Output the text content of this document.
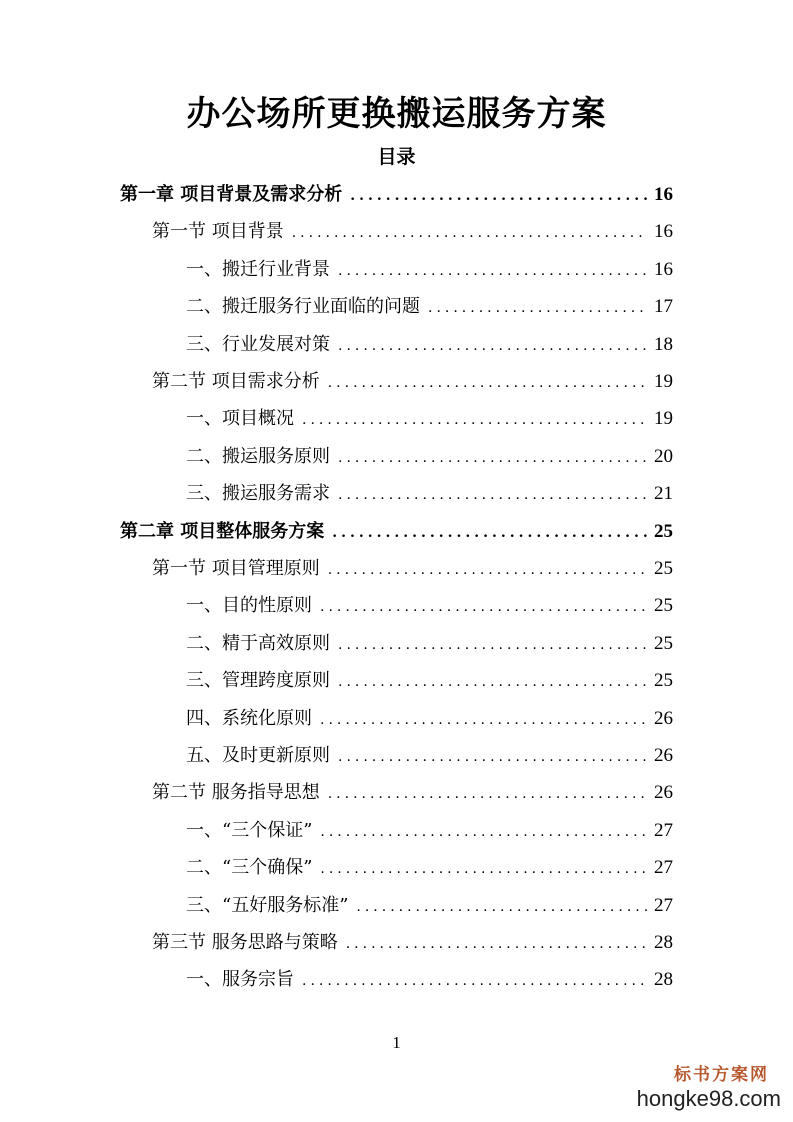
办公场所更换搬运服务方案
目录
第一章 项目背景及需求分析 .....	16
第一节 项目背景 .....	16
一、搬迁行业背景 .....	16
二、搬迁服务行业面临的问题 .....	17
三、行业发展对策 .....	18
第二节 项目需求分析 .....	19
一、项目概况 .....	19
二、搬运服务原则 .....	20
三、搬运服务需求 .....	21
第二章 项目整体服务方案 .....	25
第一节 项目管理原则 .....	25
一、目的性原则 .....	25
二、精于高效原则 .....	25
三、管理跨度原则 .....	25
四、系统化原则 .....	26
五、及时更新原则 .....	26
第二节 服务指导思想 .....	26
一、“三个保证” .....	27
二、“三个确保” .....	27
三、“五好服务标准” .....	27
第三节 服务思路与策略 .....	28
一、服务宗旨 .....	28
1
标书方案网
hongke98.com
